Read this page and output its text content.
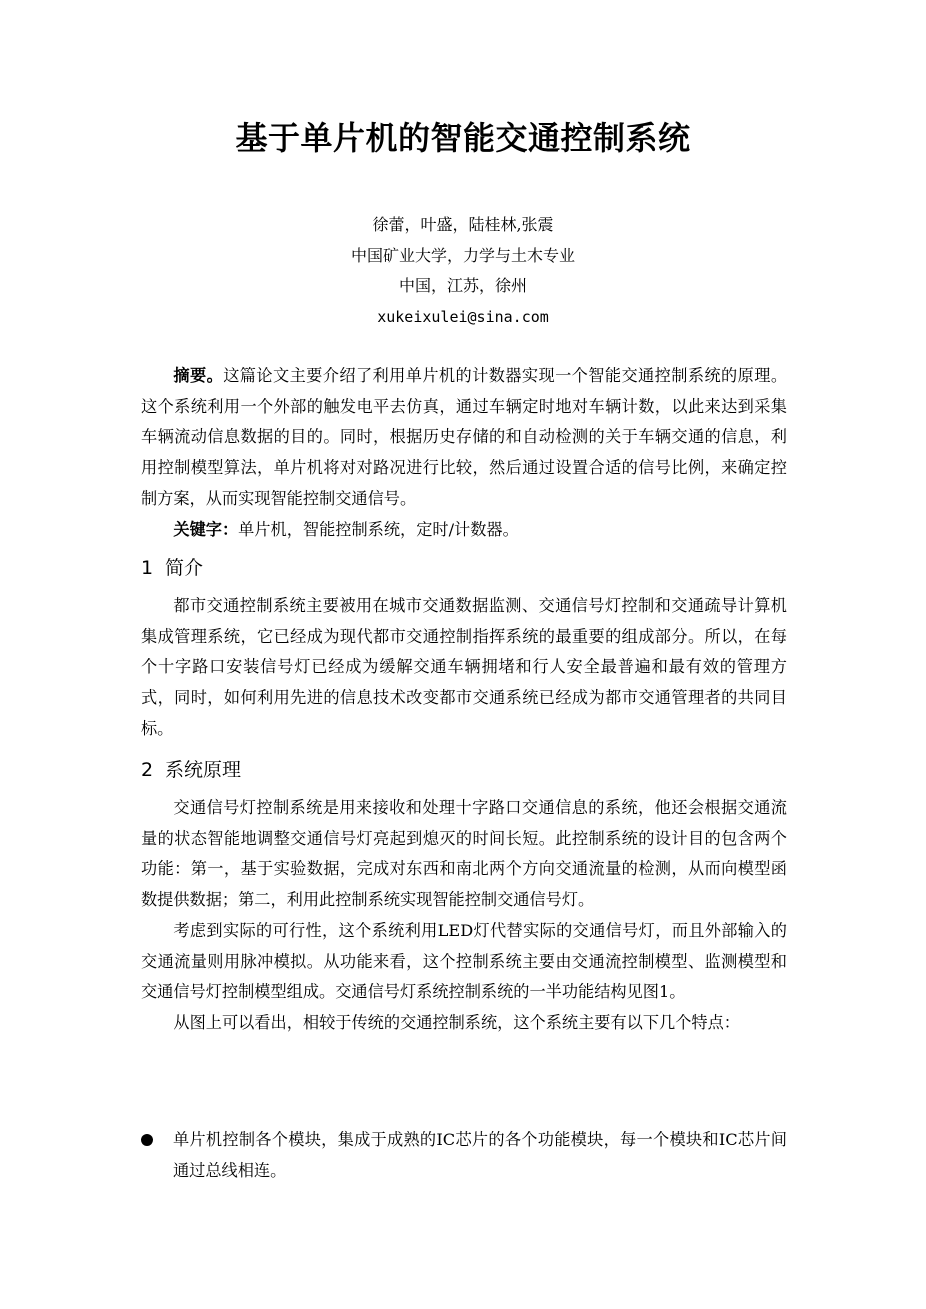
基于单片机的智能交通控制系统
徐蕾，叶盛，陆桂林,张震
中国矿业大学，力学与土木专业
中国，江苏，徐州
xukeixulei@sina.com

摘要。这篇论文主要介绍了利用单片机的计数器实现一个智能交通控制系统的原理。这个系统利用一个外部的触发电平去仿真，通过车辆定时地对车辆计数，以此来达到采集车辆流动信息数据的目的。同时，根据历史存储的和自动检测的关于车辆交通的信息，利用控制模型算法，单片机将对对路况进行比较，然后通过设置合适的信号比例，来确定控制方案，从而实现智能控制交通信号。

关键字：单片机，智能控制系统，定时/计数器。

1 简介

都市交通控制系统主要被用在城市交通数据监测、交通信号灯控制和交通疏导计算机集成管理系统，它已经成为现代都市交通控制指挥系统的最重要的组成部分。所以，在每个十字路口安装信号灯已经成为缓解交通车辆拥堵和行人安全最普遍和最有效的管理方式，同时，如何利用先进的信息技术改变都市交通系统已经成为都市交通管理者的共同目标。

2 系统原理

交通信号灯控制系统是用来接收和处理十字路口交通信息的系统，他还会根据交通流量的状态智能地调整交通信号灯亮起到熄灭的时间长短。此控制系统的设计目的包含两个功能：第一，基于实验数据，完成对东西和南北两个方向交通流量的检测，从而向模型函数提供数据；第二，利用此控制系统实现智能控制交通信号灯。

考虑到实际的可行性，这个系统利用LED灯代替实际的交通信号灯，而且外部输入的交通流量则用脉冲模拟。从功能来看，这个控制系统主要由交通流控制模型、监测模型和交通信号灯控制模型组成。交通信号灯系统控制系统的一半功能结构见图1。

从图上可以看出，相较于传统的交通控制系统，这个系统主要有以下几个特点：

单片机控制各个模块，集成于成熟的IC芯片的各个功能模块，每一个模块和IC芯片间通过总线相连。
